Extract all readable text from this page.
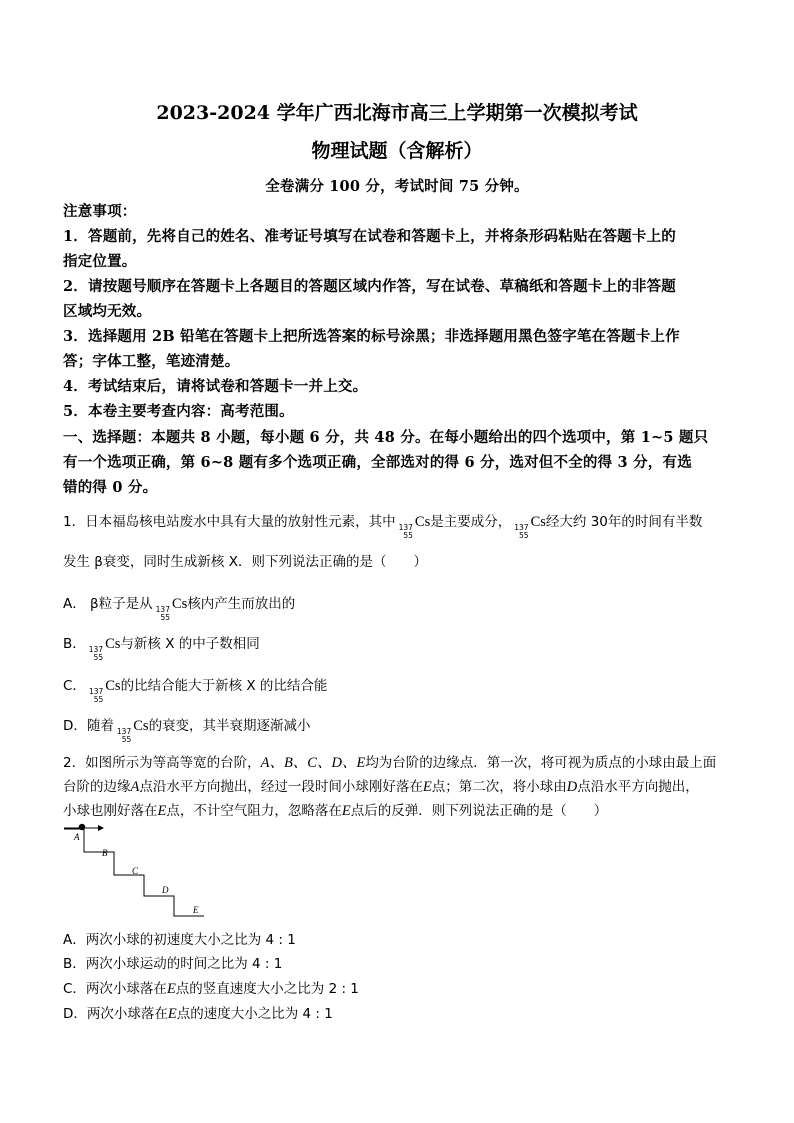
2023-2024 学年广西北海市高三上学期第一次模拟考试
物理试题（含解析）
全卷满分 100 分，考试时间 75 分钟。
注意事项：
1．答题前，先将自己的姓名、准考证号填写在试卷和答题卡上，并将条形码粘贴在答题卡上的
指定位置。
2．请按题号顺序在答题卡上各题目的答题区域内作答，写在试卷、草稿纸和答题卡上的非答题
区域均无效。
3．选择题用 2B 铅笔在答题卡上把所选答案的标号涂黑；非选择题用黑色签字笔在答题卡上作
答；字体工整，笔迹清楚。
4．考试结束后，请将试卷和答题卡一并上交。
5．本卷主要考查内容：高考范围。
一、选择题：本题共 8 小题，每小题 6 分，共 48 分。在每小题给出的四个选项中，第 1~5 题只
有一个选项正确，第 6~8 题有多个选项正确，全部选对的得 6 分，选对但不全的得 3 分，有选
错的得 0 分。
1．日本福岛核电站废水中具有大量的放射性元素，其中 137
55
Cs是主要成分， 137
55
Cs经大约 30年的时间有半数
发生 β衰变，同时生成新核 X．则下列说法正确的是（　　）
A． β粒子是从 137
55
Cs核内产生而放出的
B． 137
55
Cs与新核 X 的中子数相同
C． 137
55
Cs的比结合能大于新核 X 的比结合能
D．随着 137
55
Cs的衰变，其半衰期逐渐减小
2．如图所示为等高等宽的台阶，A、B、C、D、E均为台阶的边缘点．第一次，将可视为质点的小球由最上面
台阶的边缘A点沿水平方向抛出，经过一段时间小球刚好落在E点；第二次，将小球由D点沿水平方向抛出，
小球也刚好落在E点，不计空气阻力，忽略落在E点后的反弹．则下列说法正确的是（　　）
A
B
C
D
E
A．两次小球的初速度大小之比为 4 : 1
B．两次小球运动的时间之比为 4 : 1
C．两次小球落在E点的竖直速度大小之比为 2 : 1
D．两次小球落在E点的速度大小之比为 4 : 1
